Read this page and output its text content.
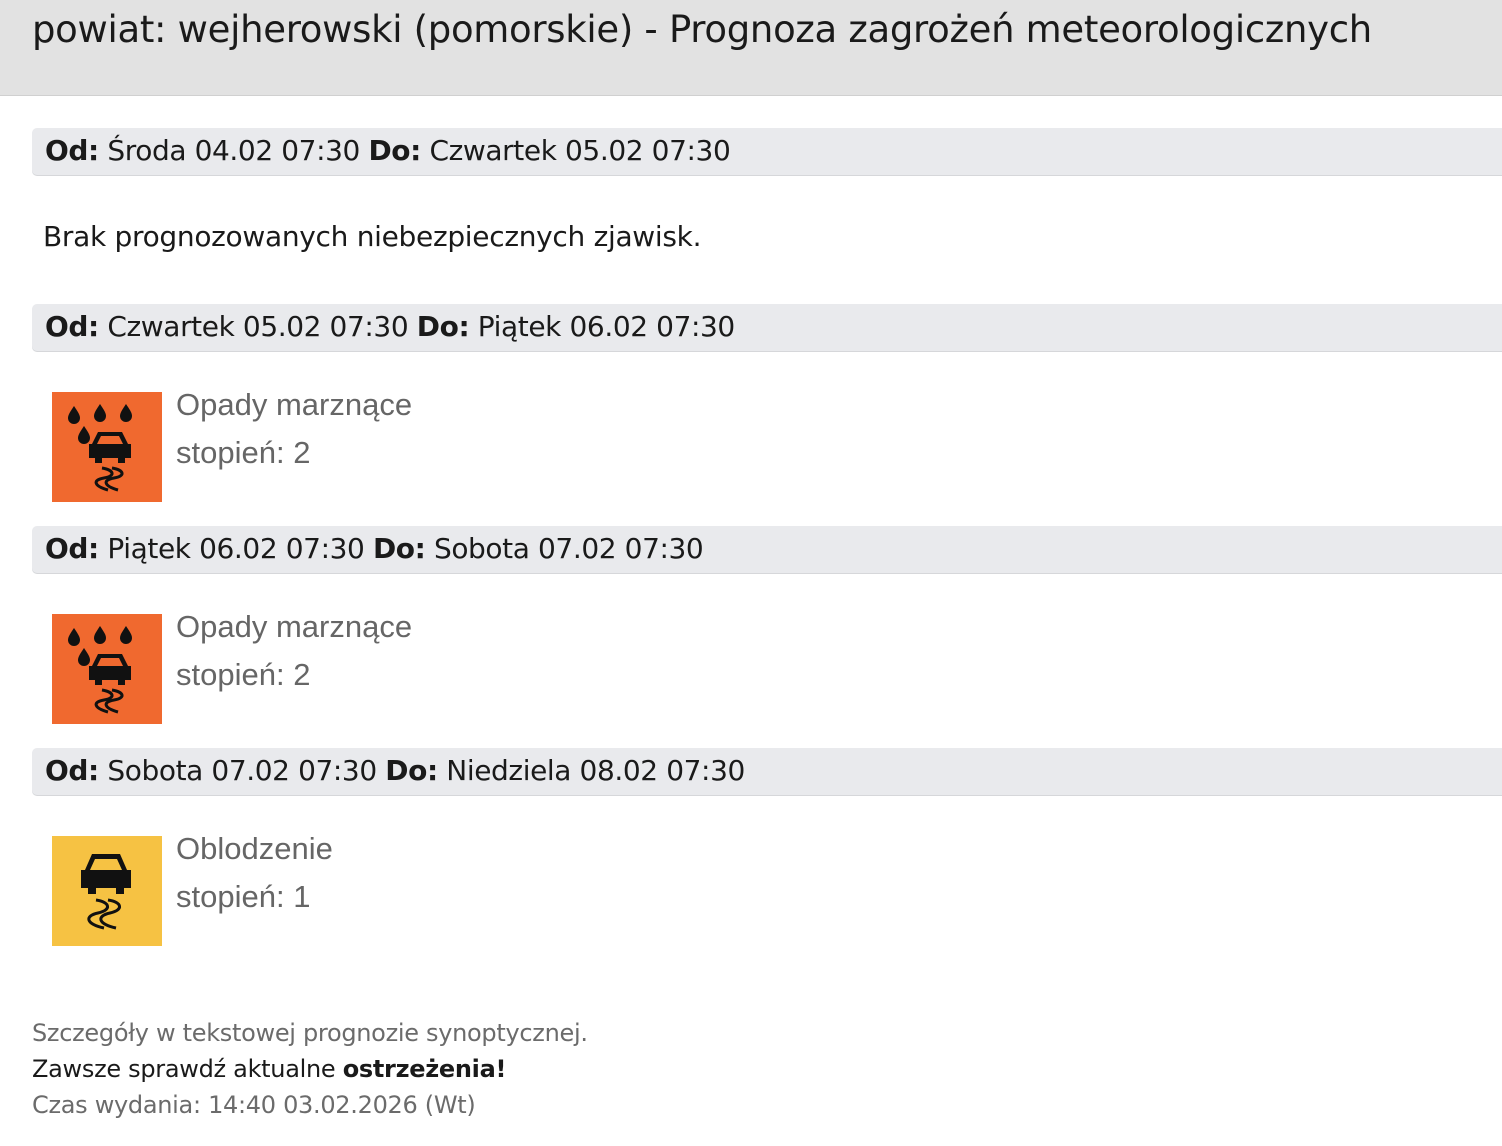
powiat: wejherowski (pomorskie) - Prognoza zagrożeń meteorologicznych
Od: Środa 04.02 07:30 Do: Czwartek 05.02 07:30
Brak prognozowanych niebezpiecznych zjawisk.
Od: Czwartek 05.02 07:30 Do: Piątek 06.02 07:30
Opady marznące
stopień: 2
Od: Piątek 06.02 07:30 Do: Sobota 07.02 07:30
Opady marznące
stopień: 2
Od: Sobota 07.02 07:30 Do: Niedziela 08.02 07:30
Oblodzenie
stopień: 1
Szczegóły w tekstowej prognozie synoptycznej.
Zawsze sprawdź aktualne ostrzeżenia!
Czas wydania: 14:40 03.02.2026 (Wt)
